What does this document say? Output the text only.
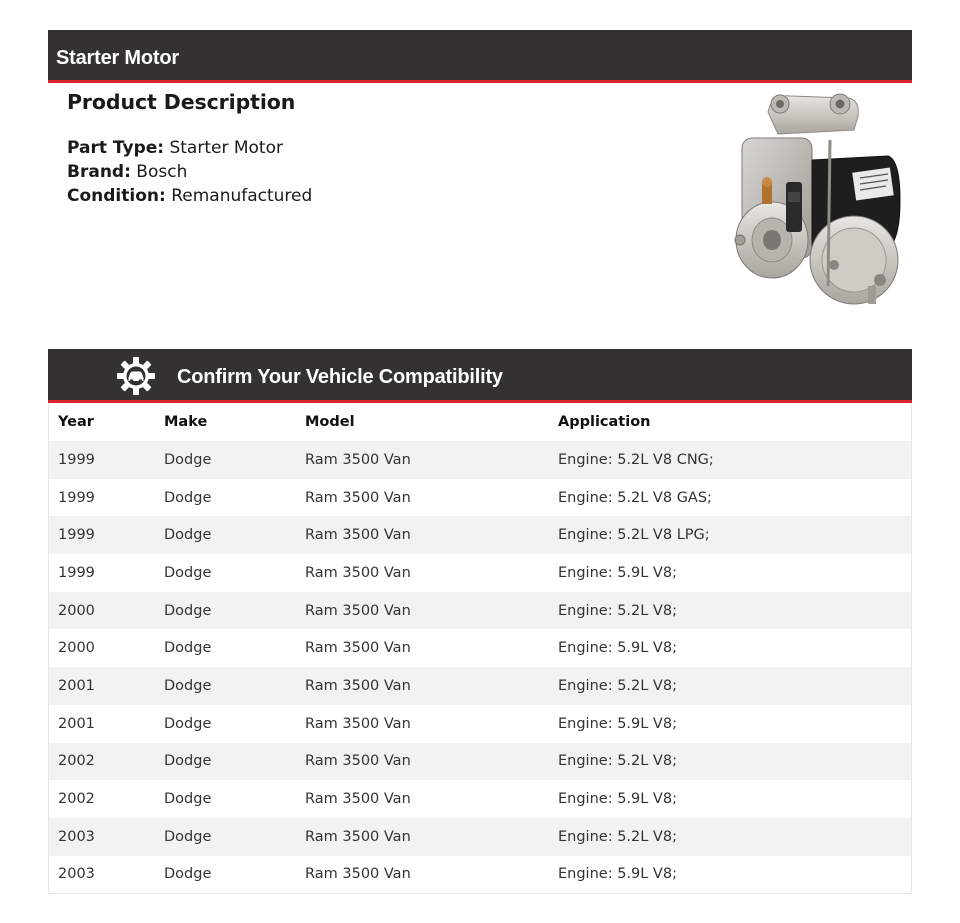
Starter Motor
Product Description
Part Type: Starter Motor
Brand: Bosch
Condition: Remanufactured
Confirm Your Vehicle Compatibility
Year	Make	Model	Application
1999	Dodge	Ram 3500 Van	Engine: 5.2L V8 CNG;
1999	Dodge	Ram 3500 Van	Engine: 5.2L V8 GAS;
1999	Dodge	Ram 3500 Van	Engine: 5.2L V8 LPG;
1999	Dodge	Ram 3500 Van	Engine: 5.9L V8;
2000	Dodge	Ram 3500 Van	Engine: 5.2L V8;
2000	Dodge	Ram 3500 Van	Engine: 5.9L V8;
2001	Dodge	Ram 3500 Van	Engine: 5.2L V8;
2001	Dodge	Ram 3500 Van	Engine: 5.9L V8;
2002	Dodge	Ram 3500 Van	Engine: 5.2L V8;
2002	Dodge	Ram 3500 Van	Engine: 5.9L V8;
2003	Dodge	Ram 3500 Van	Engine: 5.2L V8;
2003	Dodge	Ram 3500 Van	Engine: 5.9L V8;
